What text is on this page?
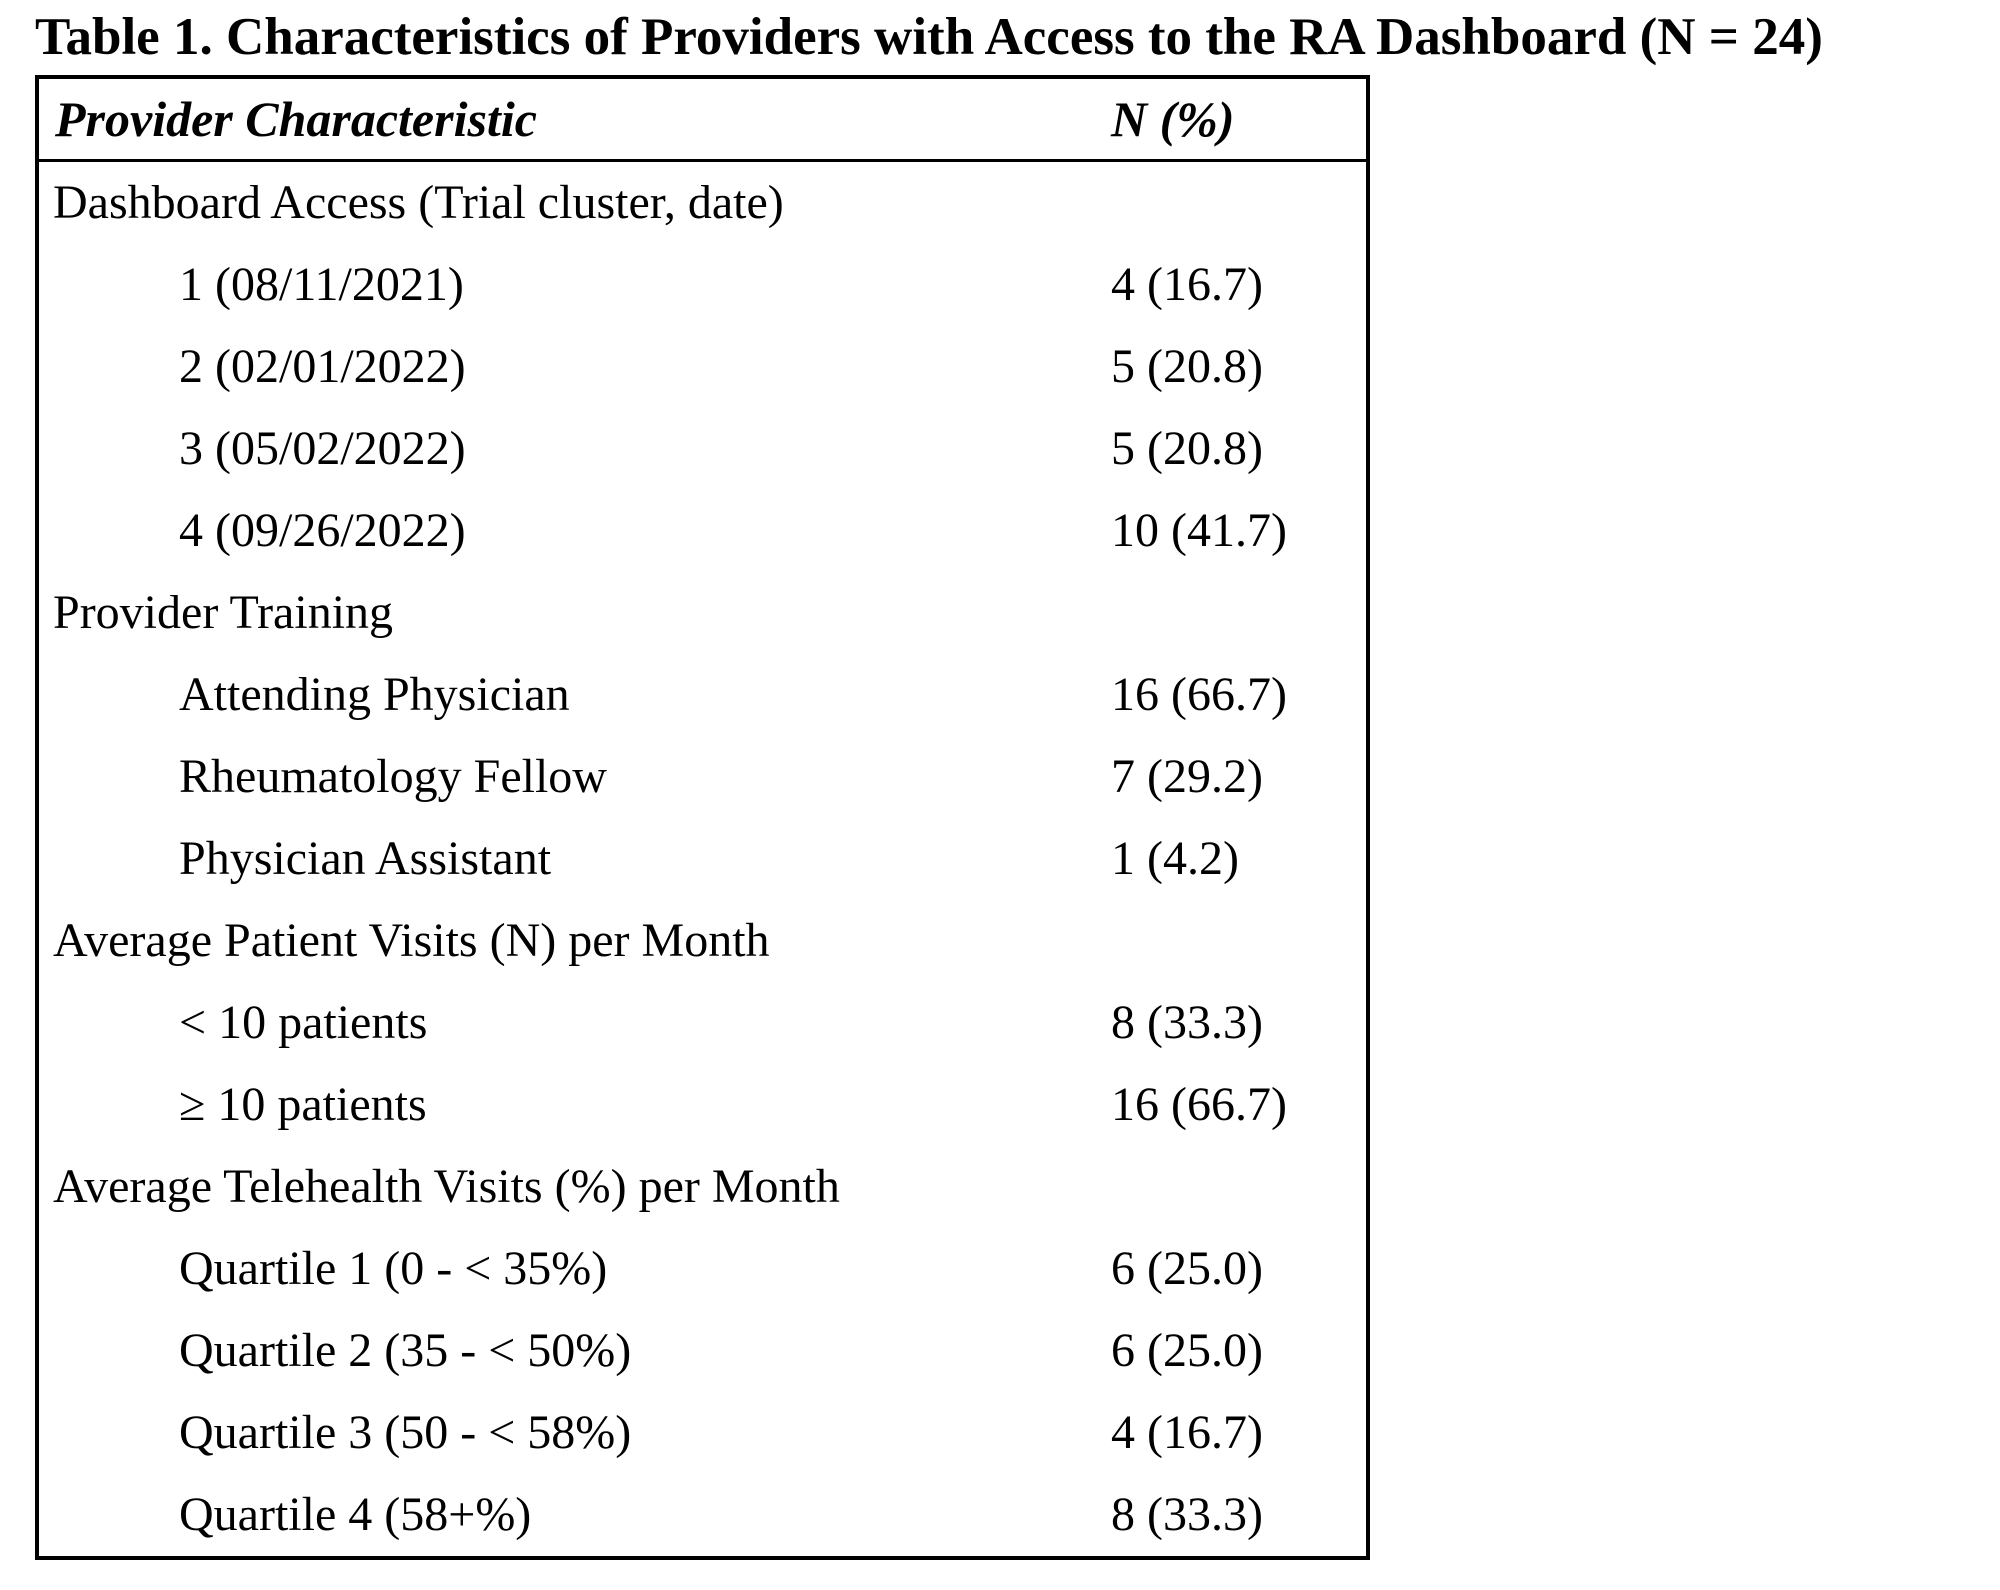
Table 1. Characteristics of Providers with Access to the RA Dashboard (N = 24)
Provider Characteristic	N (%)
Dashboard Access (Trial cluster, date)	
1 (08/11/2021)	4 (16.7)
2 (02/01/2022)	5 (20.8)
3 (05/02/2022)	5 (20.8)
4 (09/26/2022)	10 (41.7)
Provider Training	
Attending Physician	16 (66.7)
Rheumatology Fellow	7 (29.2)
Physician Assistant	1 (4.2)
Average Patient Visits (N) per Month	
< 10 patients	8 (33.3)
≥ 10 patients	16 (66.7)
Average Telehealth Visits (%) per Month	
Quartile 1 (0 - < 35%)	6 (25.0)
Quartile 2 (35 - < 50%)	6 (25.0)
Quartile 3 (50 - < 58%)	4 (16.7)
Quartile 4 (58+%)	8 (33.3)
